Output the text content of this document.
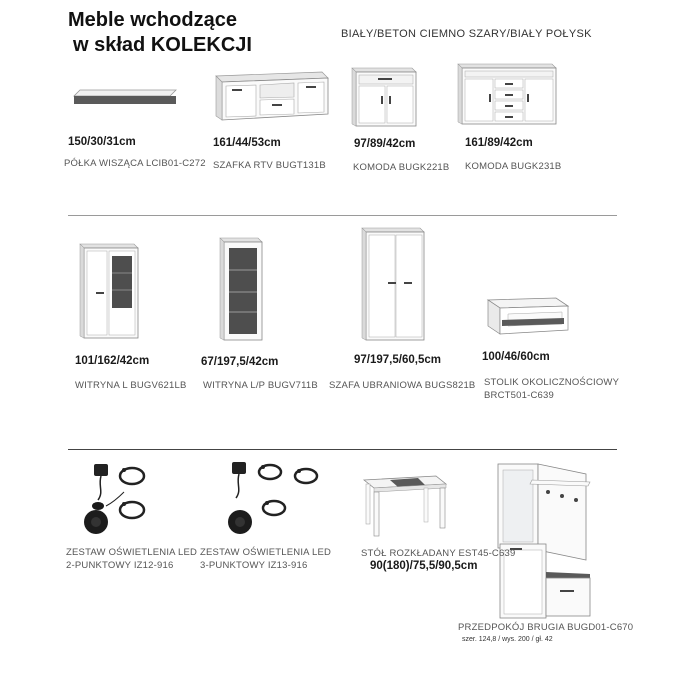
Meble wchodzące
w skład KOLEKCJI	BIAŁY/BETON CIEMNO SZARY/BIAŁY POŁYSK
150/30/31cm
PÓŁKA WISZĄCA LCIB01-C272
161/44/53cm
SZAFKA RTV BUGT131B
97/89/42cm
KOMODA BUGK221B
161/89/42cm
KOMODA BUGK231B
101/162/42cm
WITRYNA L BUGV621LB
67/197,5/42cm
WITRYNA L/P BUGV711B
97/197,5/60,5cm
SZAFA UBRANIOWA BUGS821B
100/46/60cm
STOLIK OKOLICZNOŚCIOWY
BRCT501-C639
ZESTAW OŚWIETLENIA LED
2-PUNKTOWY IZ12-916
ZESTAW OŚWIETLENIA LED
3-PUNKTOWY IZ13-916
STÓŁ ROZKŁADANY EST45-C639
90(180)/75,5/90,5cm
PRZEDPOKÓJ BRUGIA BUGD01-C670
szer. 124,8 / wys. 200 / gł. 42
